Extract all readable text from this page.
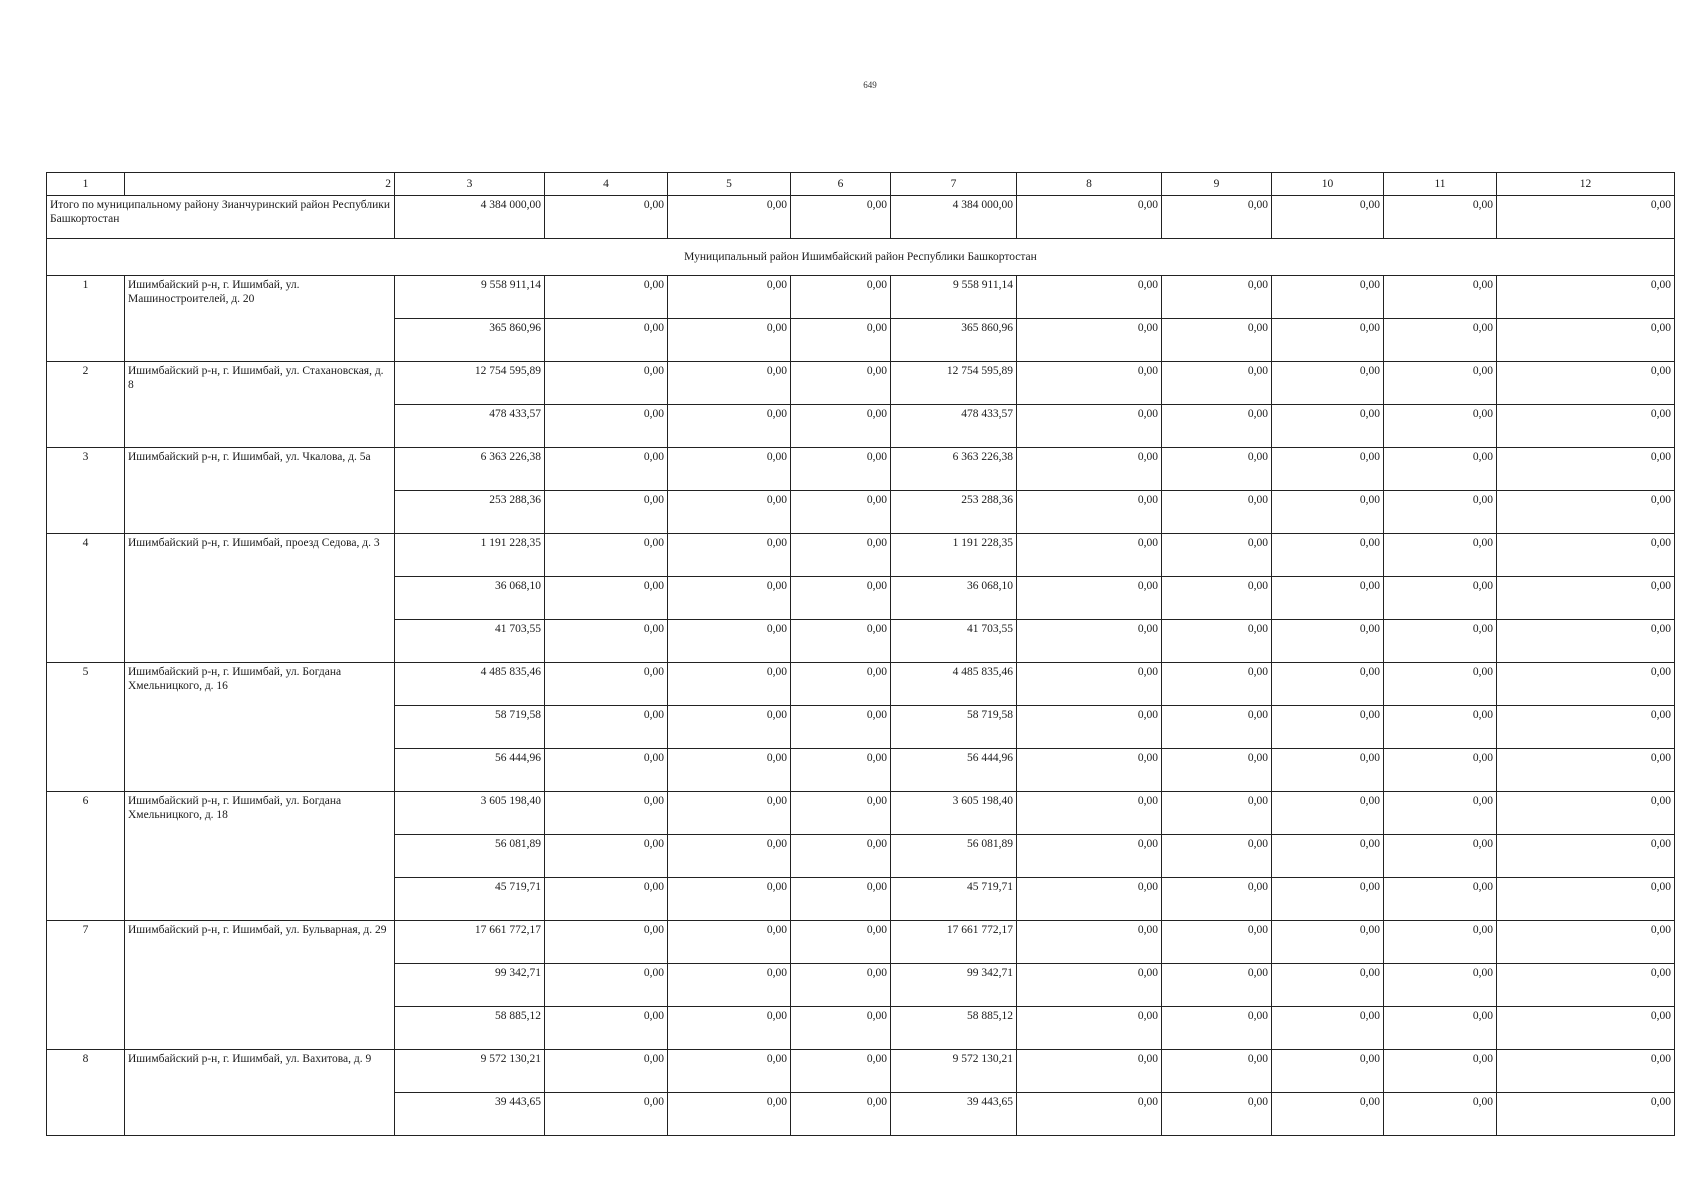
649
1	2	3	4	5	6	7	8	9	10	11	12
Итого по муниципальному району Зианчуринский район Республики Башкортостан		4 384 000,00	0,00	0,00	0,00	4 384 000,00	0,00	0,00	0,00	0,00	0,00
Муниципальный район Ишимбайский район Республики Башкортостан											
1	Ишимбайский р-н, г. Ишимбай, ул. Машиностроителей, д. 20	9 558 911,14	0,00	0,00	0,00	9 558 911,14	0,00	0,00	0,00	0,00	0,00
		365 860,96	0,00	0,00	0,00	365 860,96	0,00	0,00	0,00	0,00	0,00
2	Ишимбайский р-н, г. Ишимбай, ул. Стахановская, д. 8	12 754 595,89	0,00	0,00	0,00	12 754 595,89	0,00	0,00	0,00	0,00	0,00
		478 433,57	0,00	0,00	0,00	478 433,57	0,00	0,00	0,00	0,00	0,00
3	Ишимбайский р-н, г. Ишимбай, ул. Чкалова, д. 5а	6 363 226,38	0,00	0,00	0,00	6 363 226,38	0,00	0,00	0,00	0,00	0,00
		253 288,36	0,00	0,00	0,00	253 288,36	0,00	0,00	0,00	0,00	0,00
4	Ишимбайский р-н, г. Ишимбай, проезд Седова, д. 3	1 191 228,35	0,00	0,00	0,00	1 191 228,35	0,00	0,00	0,00	0,00	0,00
		36 068,10	0,00	0,00	0,00	36 068,10	0,00	0,00	0,00	0,00	0,00
		41 703,55	0,00	0,00	0,00	41 703,55	0,00	0,00	0,00	0,00	0,00
5	Ишимбайский р-н, г. Ишимбай, ул. Богдана Хмельницкого, д. 16	4 485 835,46	0,00	0,00	0,00	4 485 835,46	0,00	0,00	0,00	0,00	0,00
		58 719,58	0,00	0,00	0,00	58 719,58	0,00	0,00	0,00	0,00	0,00
		56 444,96	0,00	0,00	0,00	56 444,96	0,00	0,00	0,00	0,00	0,00
6	Ишимбайский р-н, г. Ишимбай, ул. Богдана Хмельницкого, д. 18	3 605 198,40	0,00	0,00	0,00	3 605 198,40	0,00	0,00	0,00	0,00	0,00
		56 081,89	0,00	0,00	0,00	56 081,89	0,00	0,00	0,00	0,00	0,00
		45 719,71	0,00	0,00	0,00	45 719,71	0,00	0,00	0,00	0,00	0,00
7	Ишимбайский р-н, г. Ишимбай, ул. Бульварная, д. 29	17 661 772,17	0,00	0,00	0,00	17 661 772,17	0,00	0,00	0,00	0,00	0,00
		99 342,71	0,00	0,00	0,00	99 342,71	0,00	0,00	0,00	0,00	0,00
		58 885,12	0,00	0,00	0,00	58 885,12	0,00	0,00	0,00	0,00	0,00
8	Ишимбайский р-н, г. Ишимбай, ул. Вахитова, д. 9	9 572 130,21	0,00	0,00	0,00	9 572 130,21	0,00	0,00	0,00	0,00	0,00
		39 443,65	0,00	0,00	0,00	39 443,65	0,00	0,00	0,00	0,00	0,00
